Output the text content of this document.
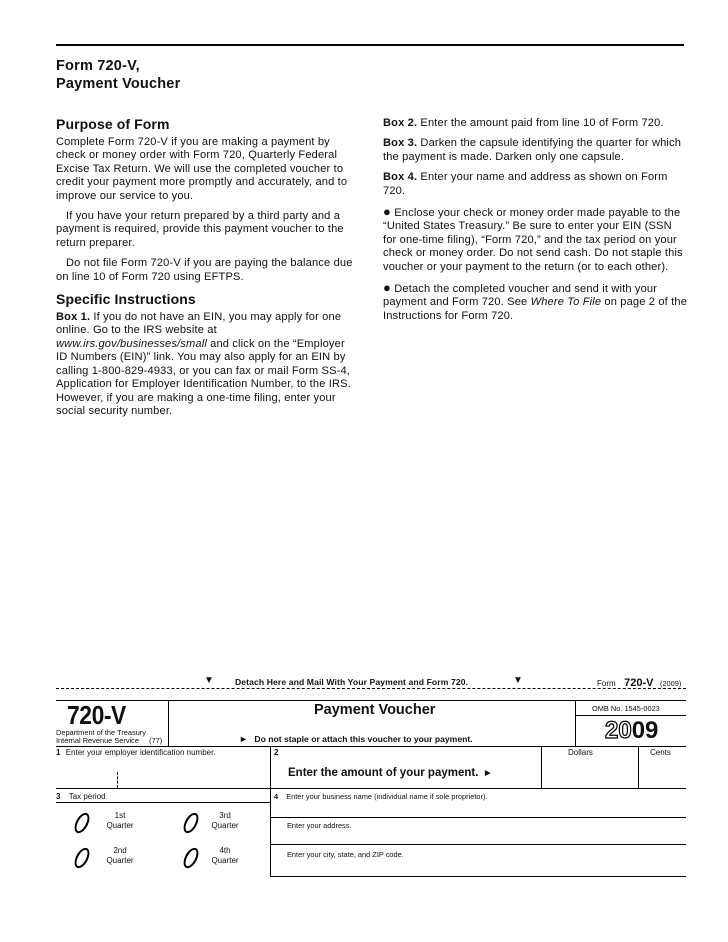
Form 720-V,
Payment Voucher
Purpose of Form

Complete Form 720-V if you are making a payment by check or money order with Form 720, Quarterly Federal Excise Tax Return. We will use the completed voucher to credit your payment more promptly and accurately, and to improve our service to you.

If you have your return prepared by a third party and a payment is required, provide this payment voucher to the return preparer.

Do not file Form 720-V if you are paying the balance due on line 10 of Form 720 using EFTPS.

Specific Instructions

Box 1. If you do not have an EIN, you may apply for one online. Go to the IRS website at www.irs.gov/businesses/small and click on the “Employer ID Numbers (EIN)” link. You may also apply for an EIN by calling 1-800-829-4933, or you can fax or mail Form SS-4, Application for Employer Identification Number, to the IRS. However, if you are making a one-time filing, enter your social security number.

Box 2. Enter the amount paid from line 10 of Form 720.

Box 3. Darken the capsule identifying the quarter for which the payment is made. Darken only one capsule.

Box 4. Enter your name and address as shown on Form 720.

● Enclose your check or money order made payable to the “United States Treasury.” Be sure to enter your EIN (SSN for one-time filing), “Form 720,” and the tax period on your check or money order. Do not send cash. Do not staple this voucher or your payment to the return (or to each other).

● Detach the completed voucher and send it with your payment and Form 720. See Where To File on page 2 of the Instructions for Form 720.

▼ Detach Here and Mail With Your Payment and Form 720.	▼	Form 720-V (2009)
720-V
Department of the Treasury
Internal Revenue Service (77)
Payment Voucher
► Do not staple or attach this voucher to your payment.
OMB No. 1545-0023
2009
1 Enter your employer identification number.	2	Dollars	Cents
Enter the amount of your payment. ►
3 Tax period
1st
Quarter
3rd
Quarter
2nd
Quarter
4th
Quarter
4 Enter your business name (individual name if sole proprietor).
Enter your address.
Enter your city, state, and ZIP code.
